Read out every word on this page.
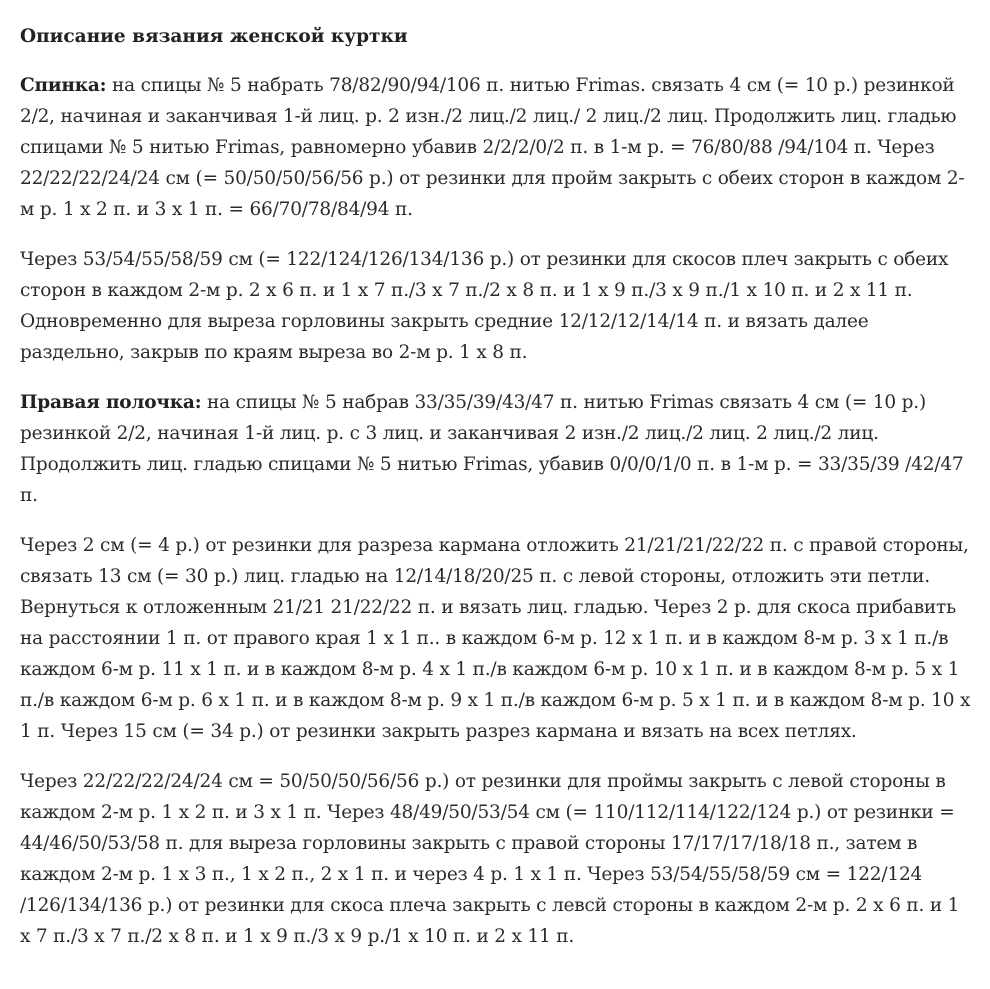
Описание вязания женской куртки

Спинка: на спицы № 5 набрать 78/82/90/94/106 п. нитью Frimas. связать 4 см (= 10 р.) резинкой 2/2, начиная и заканчивая 1-й лиц. р. 2 изн./2 лиц./2 лиц./ 2 лиц./2 лиц. Продолжить лиц. гладью спицами № 5 нитью Frimas, равномерно убавив 2/2/2/0/2 п. в 1-м р. = 76/80/88 /94/104 п. Через 22/22/22/24/24 см (= 50/50/50/56/56 р.) от резинки для пройм закрыть с обеих сторон в каждом 2-м р. 1 х 2 п. и 3 х 1 п. = 66/70/78/84/94 п.

Через 53/54/55/58/59 см (= 122/124/126/134/136 р.) от резинки для скосов плеч закрыть с обеих сторон в каждом 2-м р. 2 х 6 п. и 1 х 7 п./3 х 7 п./2 х 8 п. и 1 х 9 п./3 х 9 п./1 х 10 п. и 2 х 11 п. Одновременно для выреза горловины закрыть средние 12/12/12/14/14 п. и вязать далее раздельно, закрыв по краям выреза во 2-м р. 1 х 8 п.

Правая полочка: на спицы № 5 набрав 33/35/39/43/47 п. нитью Frimas связать 4 см (= 10 р.) резинкой 2/2, начиная 1-й лиц. р. с 3 лиц. и заканчивая 2 изн./2 лиц./2 лиц. 2 лиц./2 лиц. Продолжить лиц. гладью спицами № 5 нитью Frimas, убавив 0/0/0/1/0 п. в 1-м р. = 33/35/39 /42/47 п.

Через 2 см (= 4 р.) от резинки для разреза кармана отложить 21/21/21/22/22 п. с правой стороны, связать 13 см (= 30 р.) лиц. гладью на 12/14/18/20/25 п. с левой стороны, отложить эти петли. Вернуться к отложенным 21/21 21/22/22 п. и вязать лиц. гладью. Через 2 р. для скоса прибавить на расстоянии 1 п. от правого края 1 х 1 п.. в каждом 6-м р. 12 х 1 п. и в каждом 8-м р. 3 х 1 п./в каждом 6-м р. 11 х 1 п. и в каждом 8-м р. 4 х 1 п./в каждом 6-м р. 10 х 1 п. и в каждом 8-м р. 5 х 1 п./в каждом 6-м р. 6 х 1 п. и в каждом 8-м р. 9 х 1 п./в каждом 6-м р. 5 х 1 п. и в каждом 8-м р. 10 х 1 п. Через 15 см (= 34 р.) от резинки закрыть разрез кармана и вязать на всех петлях.

Через 22/22/22/24/24 см = 50/50/50/56/56 р.) от резинки для проймы закрыть с левой стороны в каждом 2-м р. 1 х 2 п. и 3 х 1 п. Через 48/49/50/53/54 см (= 110/112/114/122/124 р.) от резинки = 44/46/50/53/58 п. для выреза горловины закрыть с правой стороны 17/17/17/18/18 п., затем в каждом 2-м р. 1 х 3 п., 1 х 2 п., 2 х 1 п. и через 4 р. 1 х 1 п. Через 53/54/55/58/59 см = 122/124 /126/134/136 р.) от резинки для скоса плеча закрыть с левсй стороны в каждом 2-м р. 2 х 6 п. и 1 х 7 п./3 х 7 п./2 х 8 п. и 1 х 9 п./3 х 9 р./1 х 10 п. и 2 х 11 п.
